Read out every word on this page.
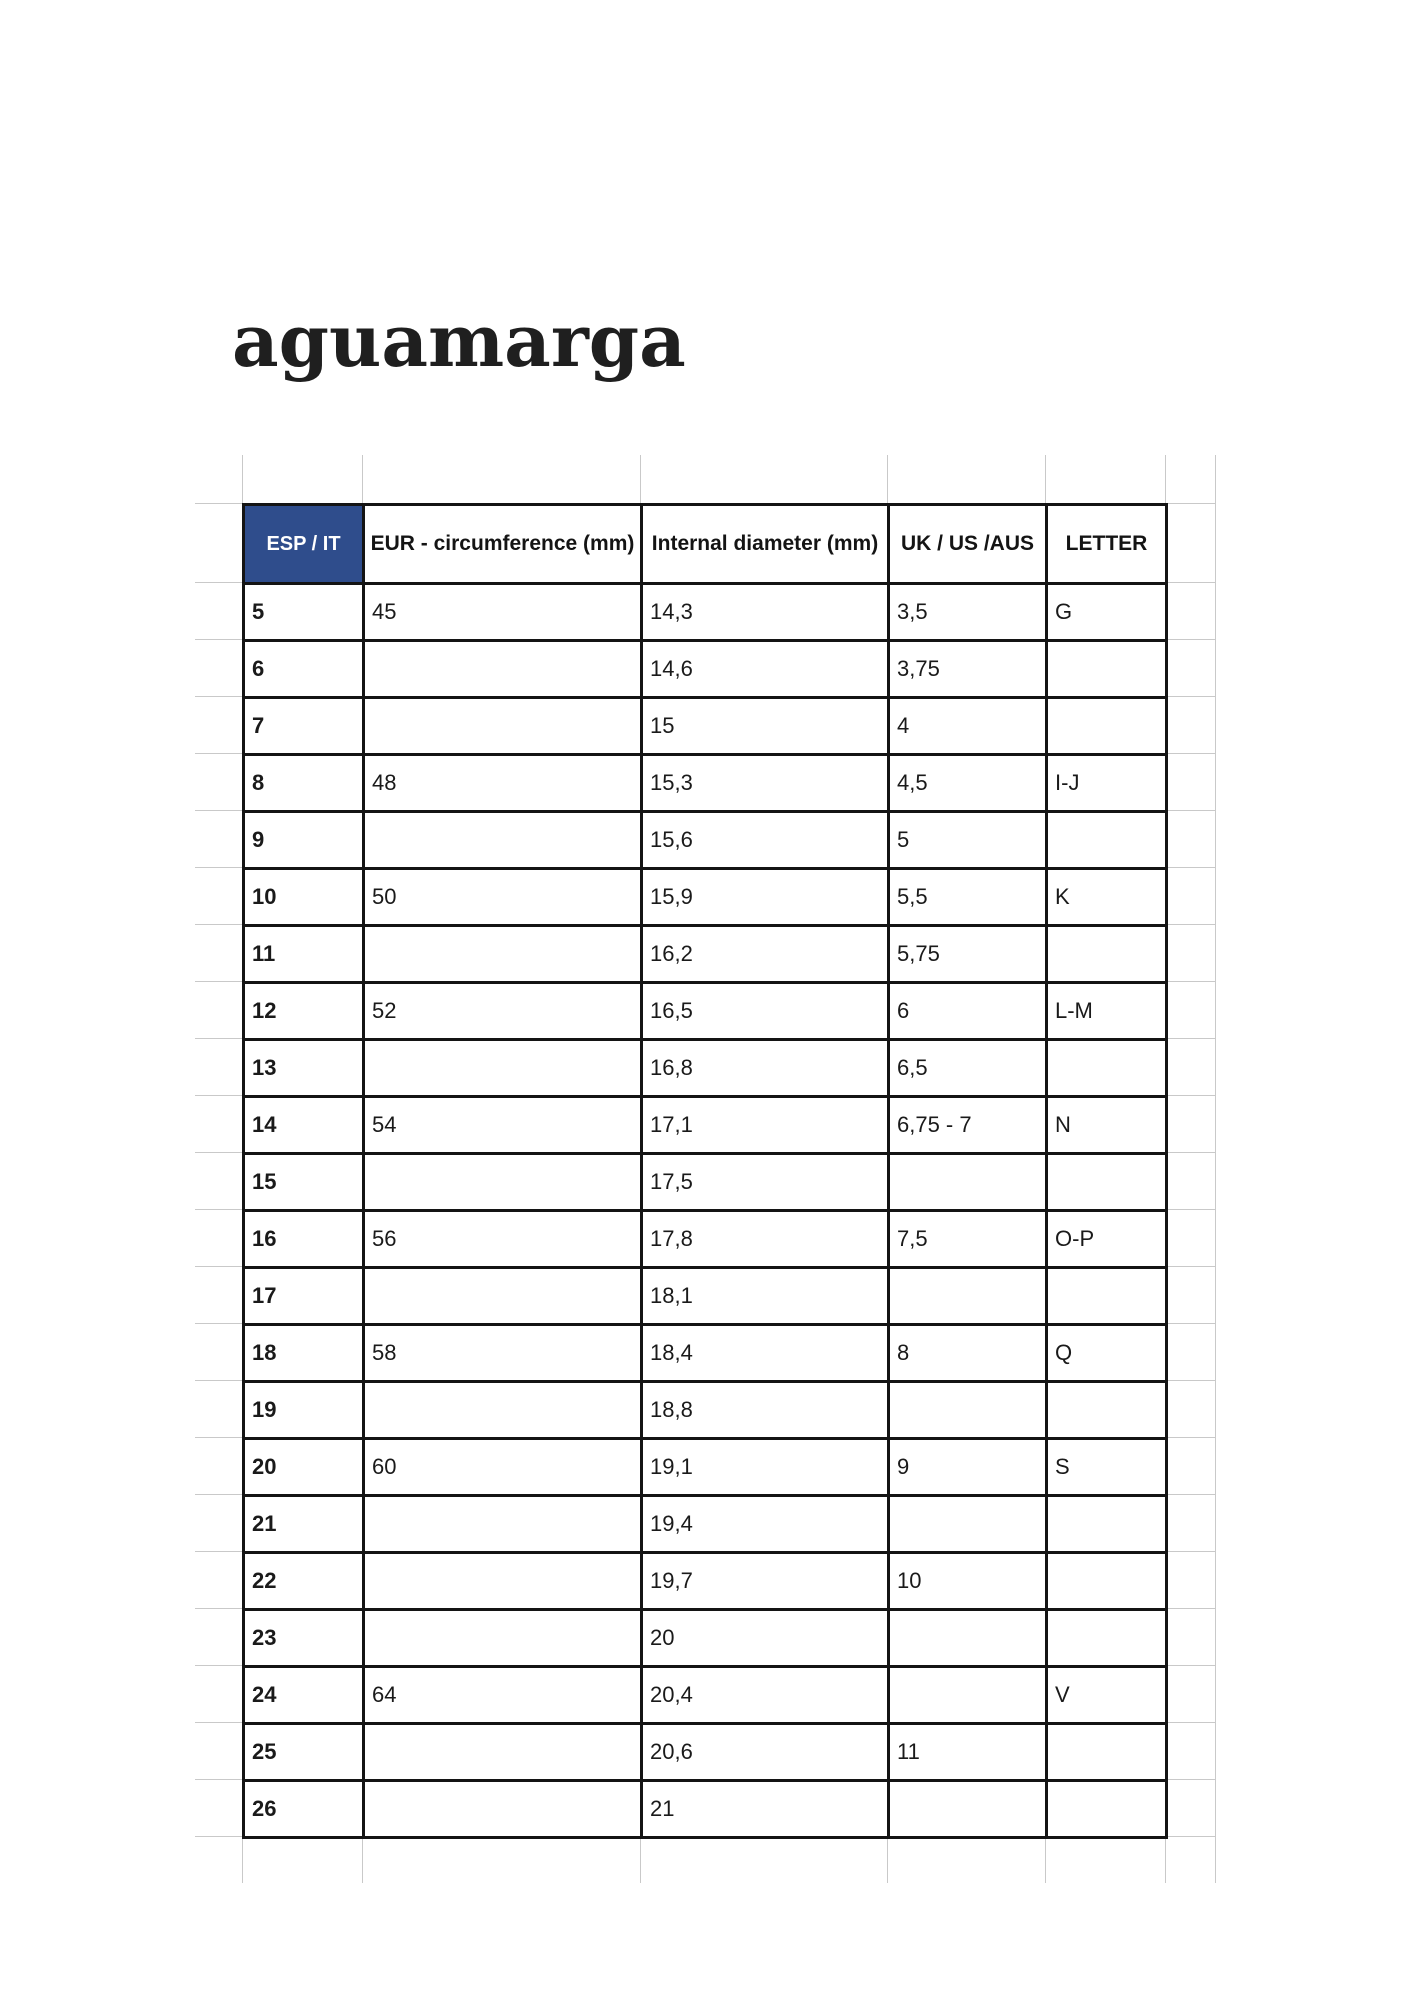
aguamarga
ESP / IT	EUR - circumference (mm)	Internal diameter (mm)	UK / US /AUS	LETTER
5	45	14,3	3,5	G
6		14,6	3,75	
7		15	4	
8	48	15,3	4,5	I-J
9		15,6	5	
10	50	15,9	5,5	K
11		16,2	5,75	
12	52	16,5	6	L-M
13		16,8	6,5	
14	54	17,1	6,75 - 7	N
15		17,5		
16	56	17,8	7,5	O-P
17		18,1		
18	58	18,4	8	Q
19		18,8		
20	60	19,1	9	S
21		19,4		
22		19,7	10	
23		20		
24	64	20,4		V
25		20,6	11	
26		21		
